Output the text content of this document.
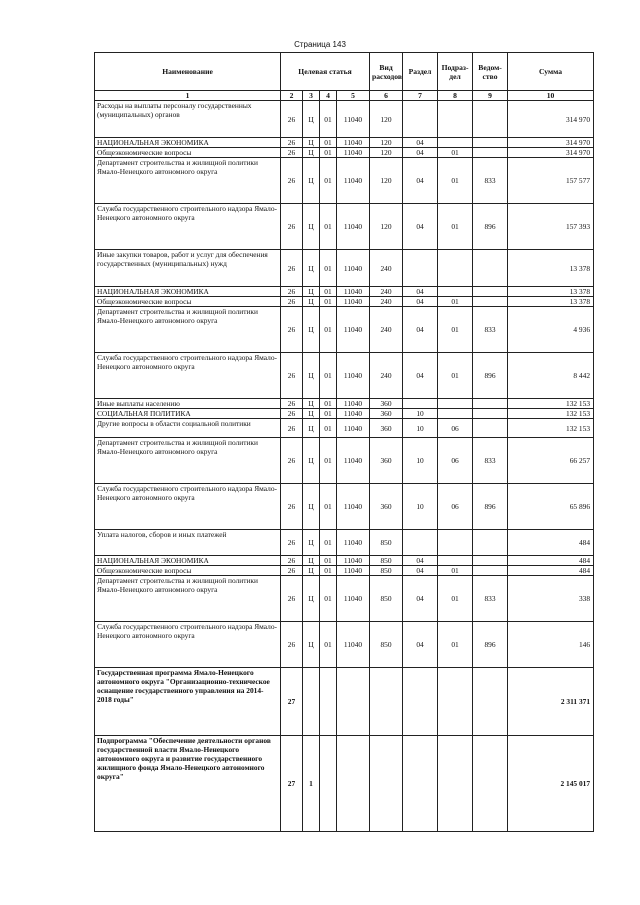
Страница 143
Наименование	Целевая статья				Вид расходов	Раздел	Подраз-дел	Ведом-ство	Сумма
1	2	3	4	5	6	7	8	9	10
Расходы на выплаты персоналу государственных (муниципальных) органов	26	Ц	01	11040	120				314 970
НАЦИОНАЛЬНАЯ ЭКОНОМИКА	26	Ц	01	11040	120	04			314 970
Общеэкономические вопросы	26	Ц	01	11040	120	04	01		314 970
Департамент строительства и жилищной политики Ямало-Ненецкого автономного округа	26	Ц	01	11040	120	04	01	833	157 577
Служба государственного строительного надзора Ямало-Ненецкого автономного округа	26	Ц	01	11040	120	04	01	896	157 393
Иные закупки товаров, работ и услуг для обеспечения государственных (муниципальных) нужд	26	Ц	01	11040	240				13 378
НАЦИОНАЛЬНАЯ ЭКОНОМИКА	26	Ц	01	11040	240	04			13 378
Общеэкономические вопросы	26	Ц	01	11040	240	04	01		13 378
Департамент строительства и жилищной политики Ямало-Ненецкого автономного округа	26	Ц	01	11040	240	04	01	833	4 936
Служба государственного строительного надзора Ямало-Ненецкого автономного округа	26	Ц	01	11040	240	04	01	896	8 442
Иные выплаты населению	26	Ц	01	11040	360				132 153
СОЦИАЛЬНАЯ ПОЛИТИКА	26	Ц	01	11040	360	10			132 153
Другие вопросы в области социальной политики	26	Ц	01	11040	360	10	06		132 153
Департамент строительства и жилищной политики Ямало-Ненецкого автономного округа	26	Ц	01	11040	360	10	06	833	66 257
Служба государственного строительного надзора Ямало-Ненецкого автономного округа	26	Ц	01	11040	360	10	06	896	65 896
Уплата налогов, сборов и иных платежей	26	Ц	01	11040	850				484
НАЦИОНАЛЬНАЯ ЭКОНОМИКА	26	Ц	01	11040	850	04			484
Общеэкономические вопросы	26	Ц	01	11040	850	04	01		484
Департамент строительства и жилищной политики Ямало-Ненецкого автономного округа	26	Ц	01	11040	850	04	01	833	338
Служба государственного строительного надзора Ямало-Ненецкого автономного округа	26	Ц	01	11040	850	04	01	896	146
Государственная программа Ямало-Ненецкого автономного округа "Организационно-техническое оснащение государственного управления на 2014-2018 годы"	27								2 311 371
Подпрограмма "Обеспечение деятельности органов государственной власти Ямало-Ненецкого автономного округа и развитие государственного жилищного фонда Ямало-Ненецкого автономного округа"	27	1							2 145 017
